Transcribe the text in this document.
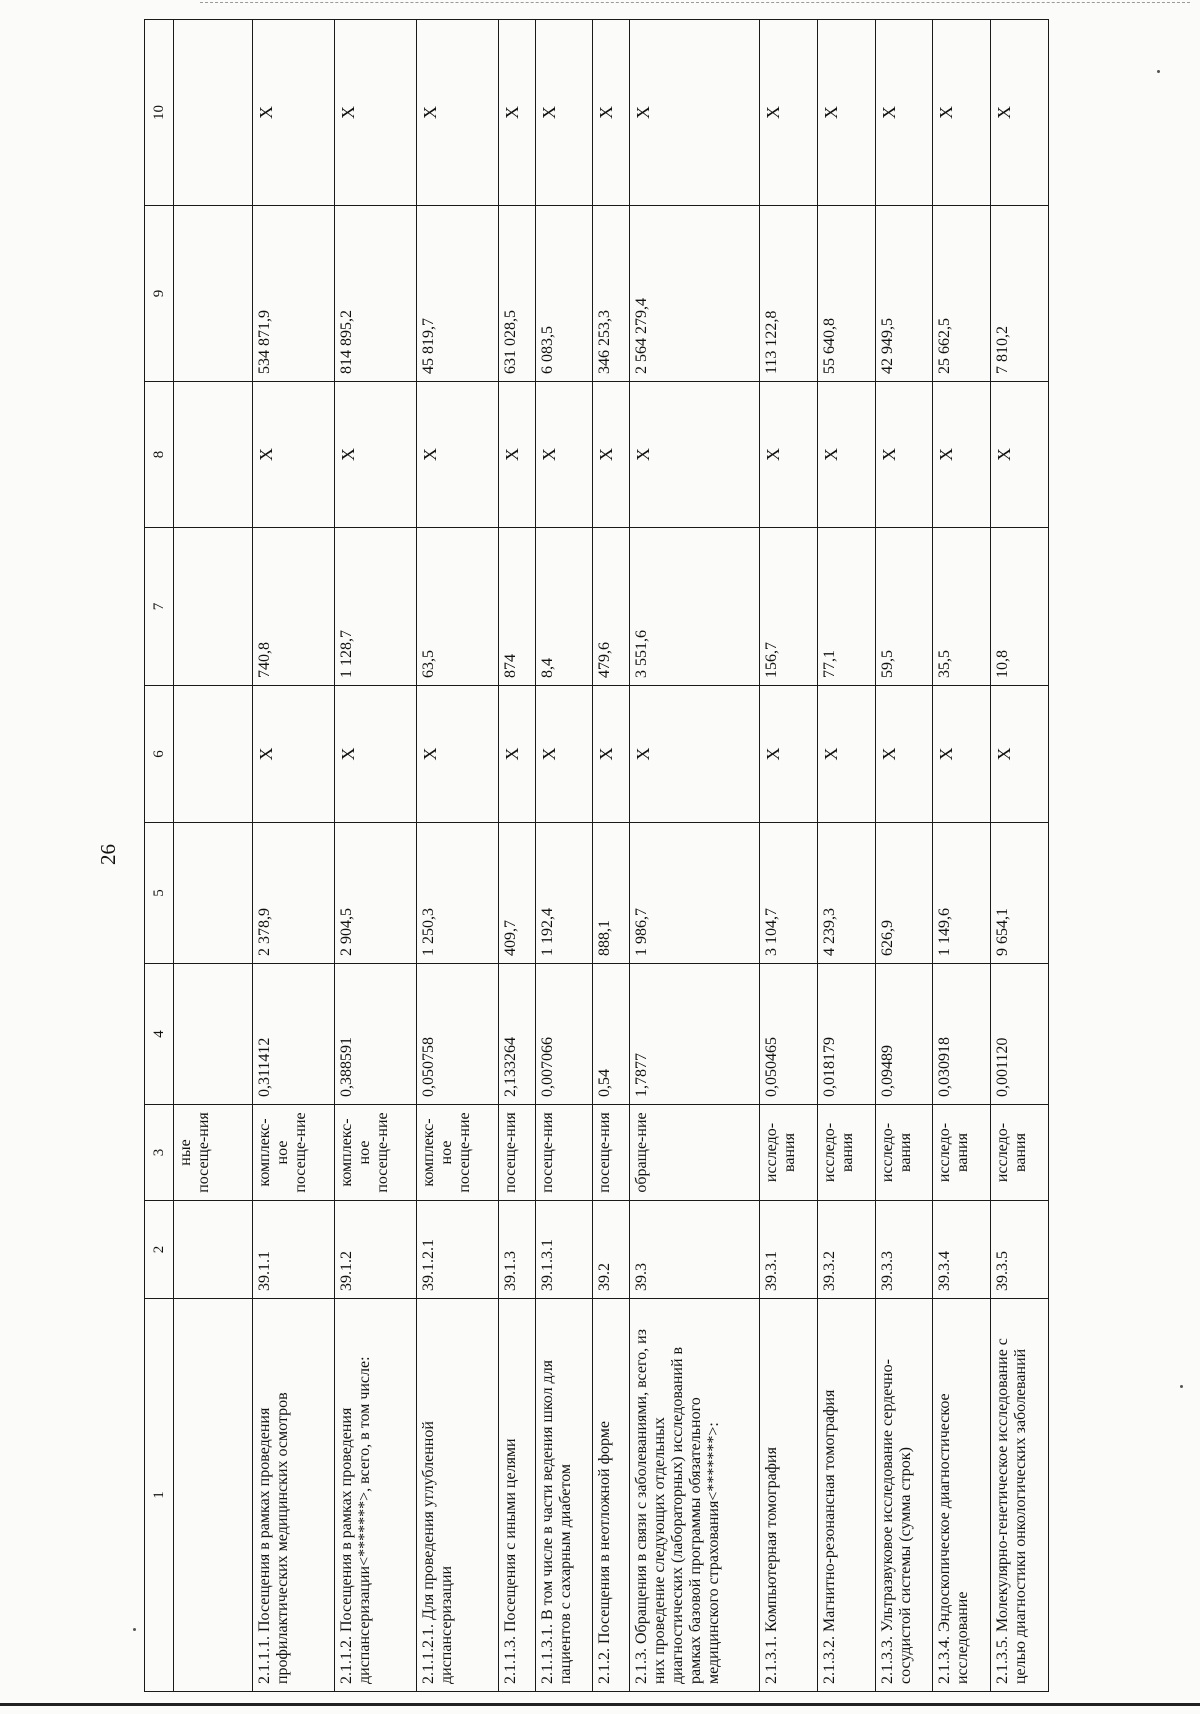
26
1	2	3	4	5	6	7	8	9	10
		ные посеще-ния							
2.1.1.1. Посещения в рамках проведения профилактических медицинских осмотров	39.1.1	комплекс-ное посеще-ние	0,311412	2 378,9	X	740,8	X	534 871,9	X
2.1.1.2. Посещения в рамках проведения диспансеризации<*******>, всего, в том числе:	39.1.2	комплекс-ное посеще-ние	0,388591	2 904,5	X	1 128,7	X	814 895,2	X
2.1.1.2.1. Для проведения углубленной диспансеризации	39.1.2.1	комплекс-ное посеще-ние	0,050758	1 250,3	X	63,5	X	45 819,7	X
2.1.1.3. Посещения с иными целями	39.1.3	посеще-ния	2,133264	409,7	X	874	X	631 028,5	X
2.1.1.3.1. В том числе в части ведения школ для пациентов с сахарным диабетом	39.1.3.1	посеще-ния	0,007066	1 192,4	X	8,4	X	6 083,5	X
2.1.2. Посещения в неотложной форме	39.2	посеще-ния	0,54	888,1	X	479,6	X	346 253,3	X
2.1.3. Обращения в связи с заболеваниями, всего, из них проведение следующих отдельных диагностических (лабораторных) исследований в рамках базовой программы обязательного медицинского страхования<*******>:	39.3	обраще-ние	1,7877	1 986,7	X	3 551,6	X	2 564 279,4	X
2.1.3.1. Компьютерная томография	39.3.1	исследо-вания	0,050465	3 104,7	X	156,7	X	113 122,8	X
2.1.3.2. Магнитно-резонансная томография	39.3.2	исследо-вания	0,018179	4 239,3	X	77,1	X	55 640,8	X
2.1.3.3. Ультразвуковое исследование сердечно-сосудистой системы (сумма строк)	39.3.3	исследо-вания	0,09489	626,9	X	59,5	X	42 949,5	X
2.1.3.4. Эндоскопическое диагностическое исследование	39.3.4	исследо-вания	0,030918	1 149,6	X	35,5	X	25 662,5	X
2.1.3.5. Молекулярно-генетическое исследование с целью диагностики онкологических заболеваний	39.3.5	исследо-вания	0,001120	9 654,1	X	10,8	X	7 810,2	X
